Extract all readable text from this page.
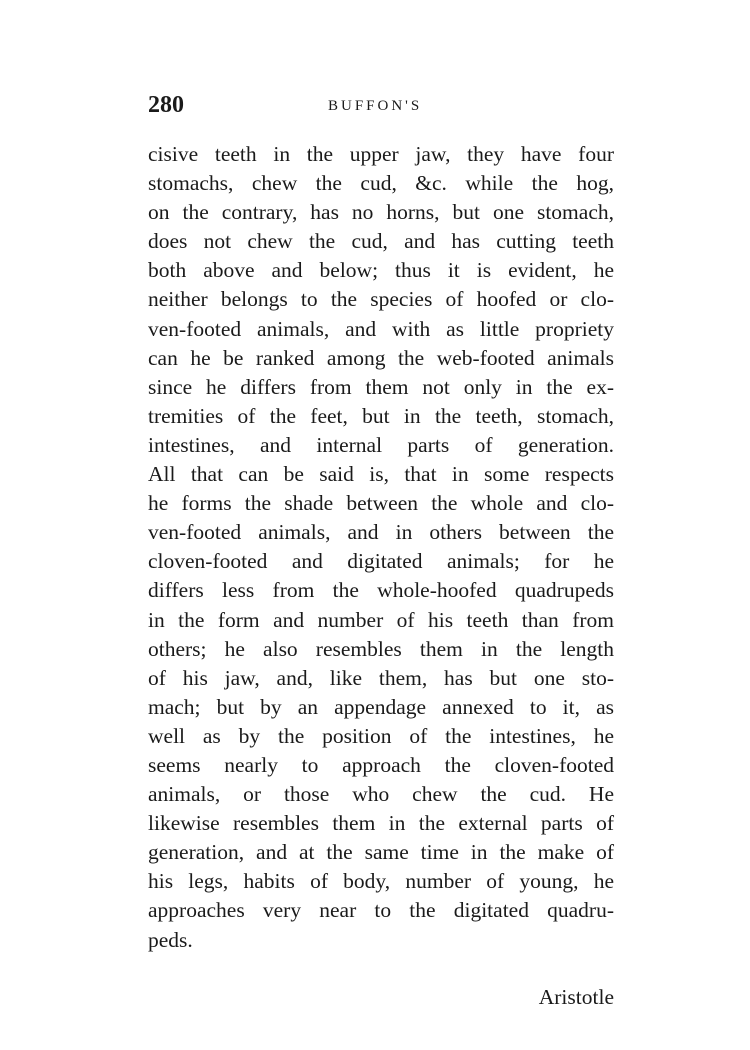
280	BUFFON'S
cisive teeth in the upper jaw, they have four
stomachs, chew the cud, &c. while the hog,
on the contrary, has no horns, but one stomach,
does not chew the cud, and has cutting teeth
both above and below; thus it is evident, he
neither belongs to the species of hoofed or clo-
ven-footed animals, and with as little propriety
can he be ranked among the web-footed animals
since he differs from them not only in the ex-
tremities of the feet, but in the teeth, stomach,
intestines, and internal parts of generation.
All that can be said is, that in some respects
he forms the shade between the whole and clo-
ven-footed animals, and in others between the
cloven-footed and digitated animals; for he
differs less from the whole-hoofed quadrupeds
in the form and number of his teeth than from
others; he also resembles them in the length
of his jaw, and, like them, has but one sto-
mach; but by an appendage annexed to it, as
well as by the position of the intestines, he
seems nearly to approach the cloven-footed
animals, or those who chew the cud. He
likewise resembles them in the external parts of
generation, and at the same time in the make of
his legs, habits of body, number of young, he
approaches very near to the digitated quadru-
peds.
Aristotle
